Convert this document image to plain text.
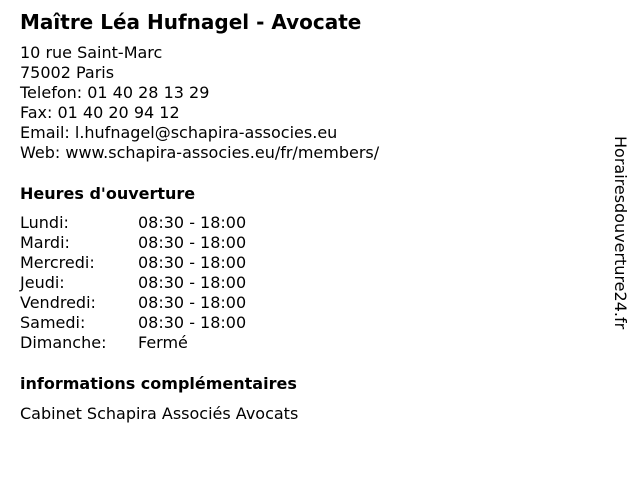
Maître Léa Hufnagel - Avocate
10 rue Saint-Marc
75002 Paris
Telefon: 01 40 28 13 29
Fax: 01 40 20 94 12
Email: l.hufnagel@schapira-associes.eu
Web: www.schapira-associes.eu/fr/members/
Heures d'ouverture
Lundi:	08:30 - 18:00
Mardi:	08:30 - 18:00
Mercredi:	08:30 - 18:00
Jeudi:	08:30 - 18:00
Vendredi:	08:30 - 18:00
Samedi:	08:30 - 18:00
Dimanche:	Fermé
informations complémentaires
Cabinet Schapira Associés Avocats
Horairesdouverture24.fr
